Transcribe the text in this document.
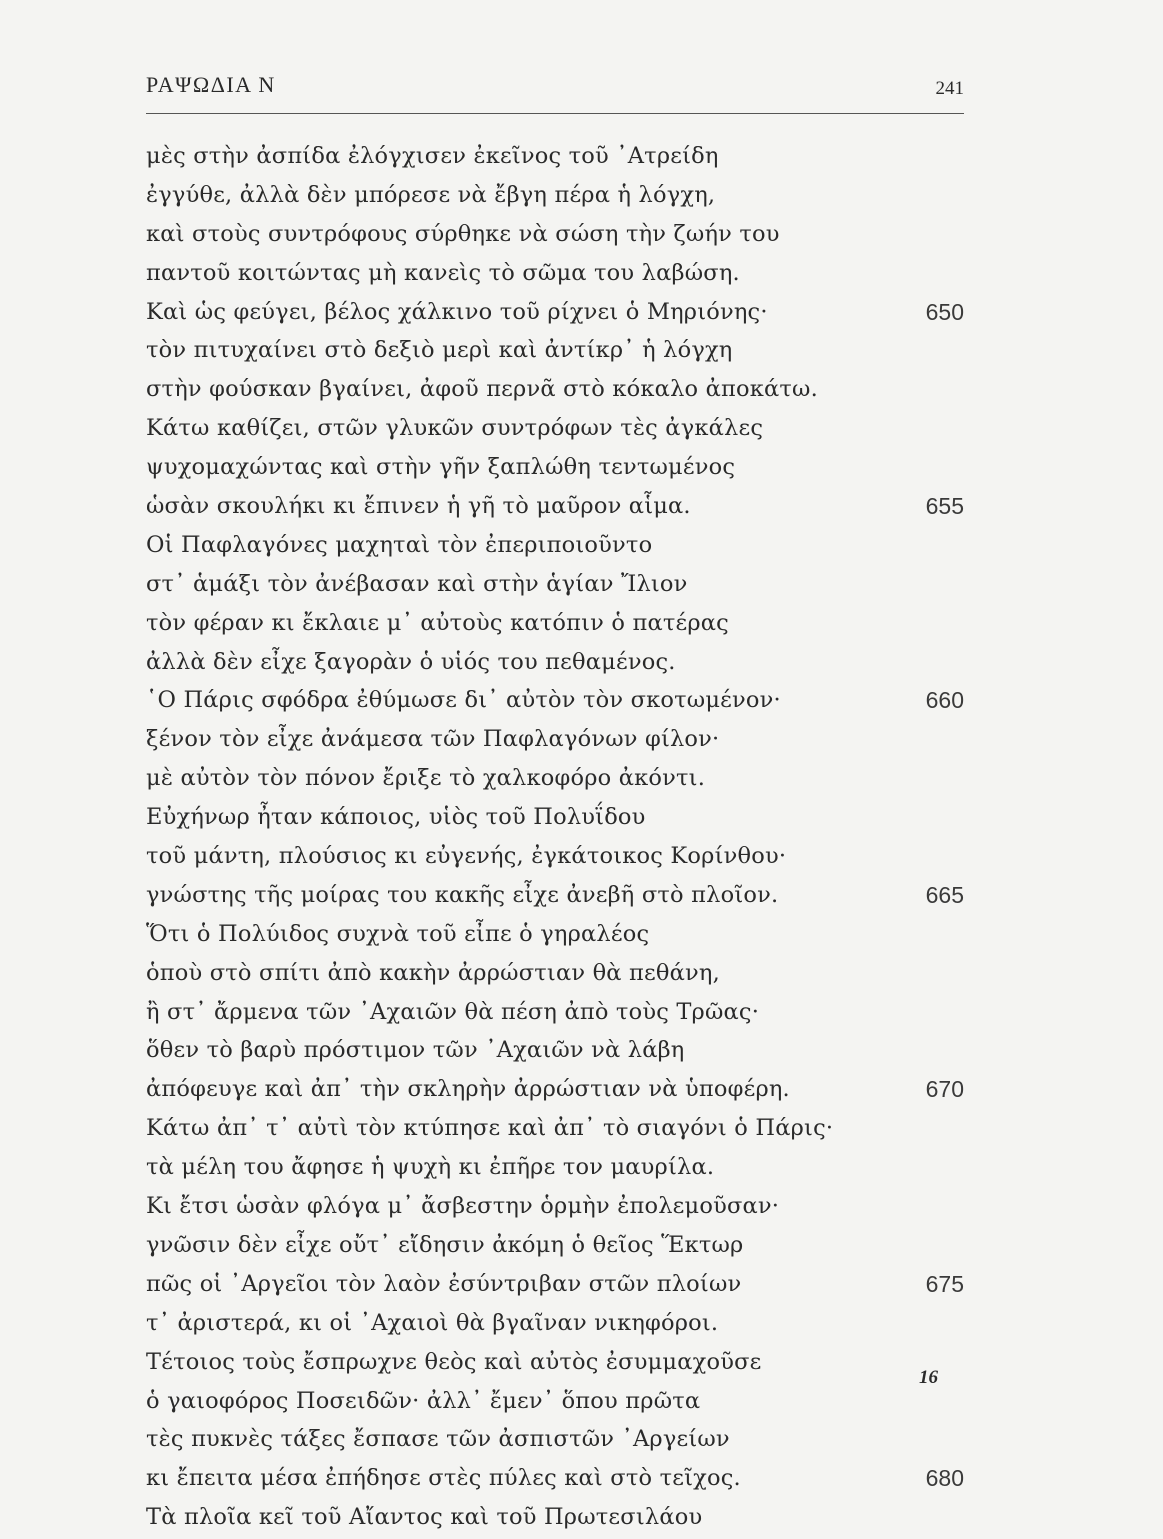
ΡΑΨΩΔΙΑ Ν	241
μὲς στὴν ἀσπίδα ἐλόγχισεν ἐκεῖνος τοῦ ᾿Ατρείδη
ἐγγύθε, ἀλλὰ δὲν μπόρεσε νὰ ἔβγη πέρα ἡ λόγχη,
καὶ στοὺς συντρόφους σύρθηκε νὰ σώση τὴν ζωήν του
παντοῦ κοιτώντας μὴ κανεὶς τὸ σῶμα του λαβώση.
Καὶ ὡς φεύγει, βέλος χάλκινο τοῦ ρίχνει ὁ Μηριόνης·	650
τὸν πιτυχαίνει στὸ δεξιὸ μερὶ καὶ ἀντίκρ᾿ ἡ λόγχη
στὴν φούσκαν βγαίνει, ἀφοῦ περνᾶ στὸ κόκαλο ἀποκάτω.
Κάτω καθίζει, στῶν γλυκῶν συντρόφων τὲς ἀγκάλες
ψυχομαχώντας καὶ στὴν γῆν ξαπλώθη τεντωμένος
ὡσὰν σκουλήκι κι ἔπινεν ἡ γῆ τὸ μαῦρον αἷμα.	655
Οἱ Παφλαγόνες μαχηταὶ τὸν ἐπεριποιοῦντο
στ᾿ ἁμάξι τὸν ἀνέβασαν καὶ στὴν ἁγίαν Ἴλιον
τὸν φέραν κι ἔκλαιε μ᾿ αὐτοὺς κατόπιν ὁ πατέρας
ἀλλὰ δὲν εἶχε ξαγορὰν ὁ υἱός του πεθαμένος.
῾Ο Πάρις σφόδρα ἐθύμωσε δι᾿ αὐτὸν τὸν σκοτωμένον·	660
ξένον τὸν εἶχε ἀνάμεσα τῶν Παφλαγόνων φίλον·
μὲ αὐτὸν τὸν πόνον ἔριξε τὸ χαλκοφόρο ἀκόντι.
Εὐχήνωρ ἦταν κάποιος, υἱὸς τοῦ Πολυΐδου
τοῦ μάντη, πλούσιος κι εὐγενής, ἐγκάτοικος Κορίνθου·
γνώστης τῆς μοίρας του κακῆς εἶχε ἀνεβῆ στὸ πλοῖον.	665
Ὅτι ὁ Πολύιδος συχνὰ τοῦ εἶπε ὁ γηραλέος
ὁποὺ στὸ σπίτι ἀπὸ κακὴν ἀρρώστιαν θὰ πεθάνη,
ἢ στ᾿ ἄρμενα τῶν ᾿Αχαιῶν θὰ πέση ἀπὸ τοὺς Τρῶας·
ὅθεν τὸ βαρὺ πρόστιμον τῶν ᾿Αχαιῶν νὰ λάβη
ἀπόφευγε καὶ ἀπ᾿ τὴν σκληρὴν ἀρρώστιαν νὰ ὑποφέρη.	670
Κάτω ἀπ᾿ τ᾿ αὐτὶ τὸν κτύπησε καὶ ἀπ᾿ τὸ σιαγόνι ὁ Πάρις·
τὰ μέλη του ἄφησε ἡ ψυχὴ κι ἐπῆρε τον μαυρίλα.
Κι ἔτσι ὡσὰν φλόγα μ᾿ ἄσβεστην ὁρμὴν ἐπολεμοῦσαν·
γνῶσιν δὲν εἶχε οὔτ᾿ εἴδησιν ἀκόμη ὁ θεῖος Ἕκτωρ
πῶς οἱ ᾿Αργεῖοι τὸν λαὸν ἐσύντριβαν στῶν πλοίων	675
τ᾿ ἀριστερά, κι οἱ ᾿Αχαιοὶ θὰ βγαῖναν νικηφόροι.
Τέτοιος τοὺς ἔσπρωχνε θεὸς καὶ αὐτὸς ἐσυμμαχοῦσε
ὁ γαιοφόρος Ποσειδῶν· ἀλλ᾿ ἔμεν᾿ ὅπου πρῶτα
τὲς πυκνὲς τάξες ἔσπασε τῶν ἀσπιστῶν ᾿Αργείων
κι ἔπειτα μέσα ἐπήδησε στὲς πύλες καὶ στὸ τεῖχος.	680
Τὰ πλοῖα κεῖ τοῦ Αἴαντος καὶ τοῦ Πρωτεσιλάου
16
